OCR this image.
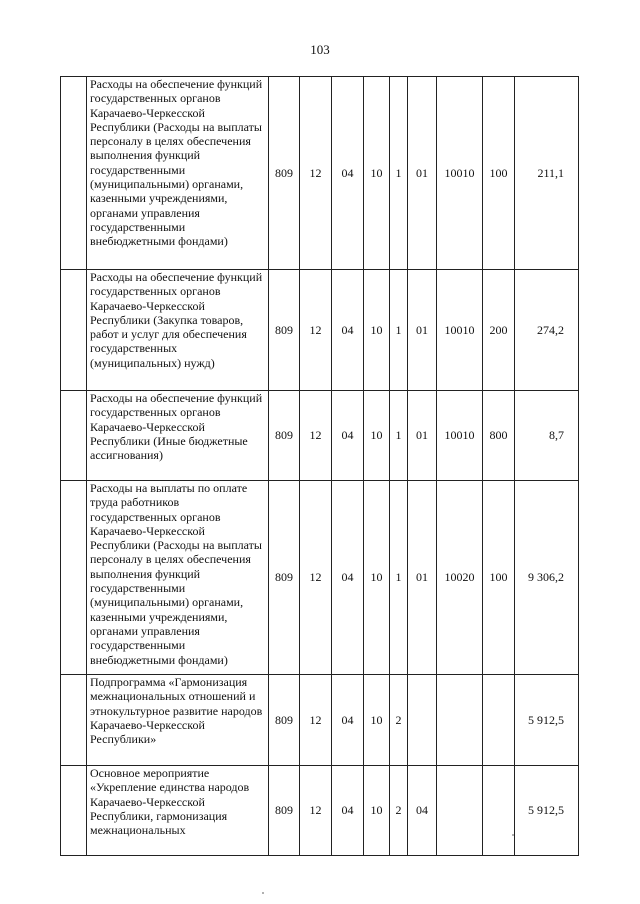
103
	Расходы на обеспечение функций государственных органов Карачаево-Черкесской Республики (Расходы на выплаты персоналу в целях обеспечения выполнения функций государственными (муниципальными) органами, казенными учреждениями, органами управления государственными внебюджетными фондами)	809	12	04	10	1	01	10010	100	211,1
	Расходы на обеспечение функций государственных органов Карачаево-Черкесской Республики (Закупка товаров, работ и услуг для обеспечения государственных (муниципальных) нужд)	809	12	04	10	1	01	10010	200	274,2
	Расходы на обеспечение функций государственных органов Карачаево-Черкесской Республики (Иные бюджетные ассигнования)	809	12	04	10	1	01	10010	800	8,7
	Расходы на выплаты по оплате труда работников государственных органов Карачаево-Черкесской Республики (Расходы на выплаты персоналу в целях обеспечения выполнения функций государственными (муниципальными) органами, казенными учреждениями, органами управления государственными внебюджетными фондами)	809	12	04	10	1	01	10020	100	9 306,2
	Подпрограмма «Гармонизация межнациональных отношений и этнокультурное развитие народов Карачаево-Черкесской Республики»	809	12	04	10	2				5 912,5
	Основное мероприятие «Укрепление единства народов Карачаево-Черкесской Республики, гармонизация межнациональных	809	12	04	10	2	04			5 912,5
